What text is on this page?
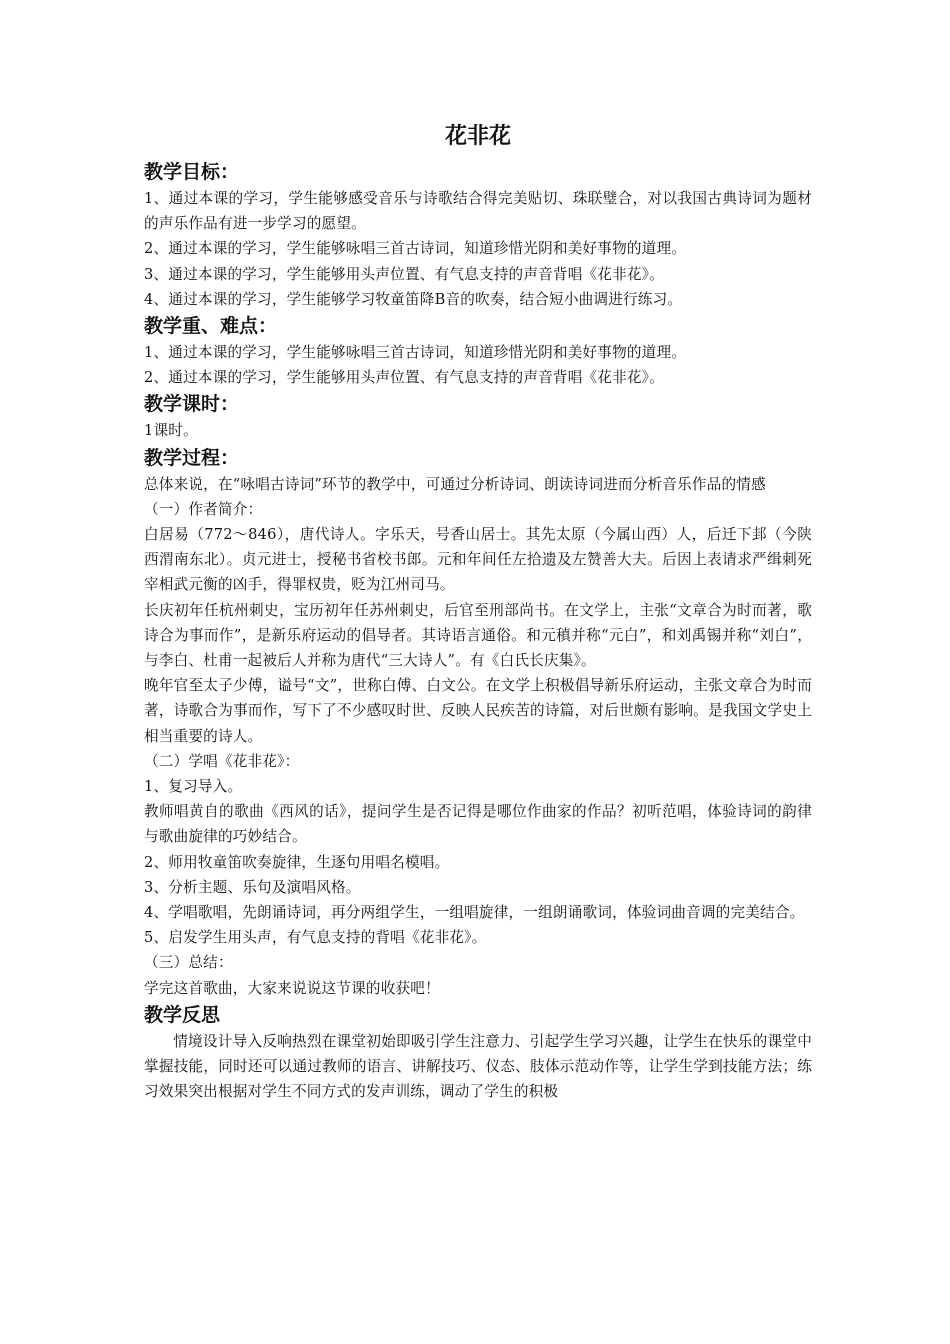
花非花
教学目标：

1、通过本课的学习，学生能够感受音乐与诗歌结合得完美贴切、珠联璧合，对以我国古典诗词为题材的声乐作品有进一步学习的愿望。

2、通过本课的学习，学生能够咏唱三首古诗词，知道珍惜光阴和美好事物的道理。

3、通过本课的学习，学生能够用头声位置、有气息支持的声音背唱《花非花》。

4、通过本课的学习，学生能够学习牧童笛降B音的吹奏，结合短小曲调进行练习。

教学重、难点：

1、通过本课的学习，学生能够咏唱三首古诗词，知道珍惜光阴和美好事物的道理。

2、通过本课的学习，学生能够用头声位置、有气息支持的声音背唱《花非花》。

教学课时：

1课时。

教学过程：

总体来说，在“咏唱古诗词”环节的教学中，可通过分析诗词、朗读诗词进而分析音乐作品的情感

（一）作者简介：

白居易（772～846），唐代诗人。字乐天，号香山居士。其先太原（今属山西）人，后迁下邽（今陕西渭南东北）。贞元进士，授秘书省校书郎。元和年间任左拾遗及左赞善大夫。后因上表请求严缉刺死宰相武元衡的凶手，得罪权贵，贬为江州司马。

长庆初年任杭州刺史，宝历初年任苏州刺史，后官至刑部尚书。在文学上，主张“文章合为时而著，歌诗合为事而作”，是新乐府运动的倡导者。其诗语言通俗。和元稹并称“元白”，和刘禹锡并称“刘白”，与李白、杜甫一起被后人并称为唐代“三大诗人”。有《白氏长庆集》。

晚年官至太子少傅，谥号“文”，世称白傅、白文公。在文学上积极倡导新乐府运动，主张文章合为时而著，诗歌合为事而作，写下了不少感叹时世、反映人民疾苦的诗篇，对后世颇有影响。是我国文学史上相当重要的诗人。

（二）学唱《花非花》：

1、复习导入。

教师唱黄自的歌曲《西风的话》，提问学生是否记得是哪位作曲家的作品？初听范唱，体验诗词的韵律与歌曲旋律的巧妙结合。

2、师用牧童笛吹奏旋律，生逐句用唱名模唱。

3、分析主题、乐句及演唱风格。

4、学唱歌唱，先朗诵诗词，再分两组学生，一组唱旋律，一组朗诵歌词，体验词曲音调的完美结合。

5、启发学生用头声，有气息支持的背唱《花非花》。

（三）总结：

学完这首歌曲，大家来说说这节课的收获吧！

教学反思

情境设计导入反响热烈在课堂初始即吸引学生注意力、引起学生学习兴趣，让学生在快乐的课堂中掌握技能，同时还可以通过教师的语言、讲解技巧、仪态、肢体示范动作等，让学生学到技能方法；练习效果突出根据对学生不同方式的发声训练，调动了学生的积极
